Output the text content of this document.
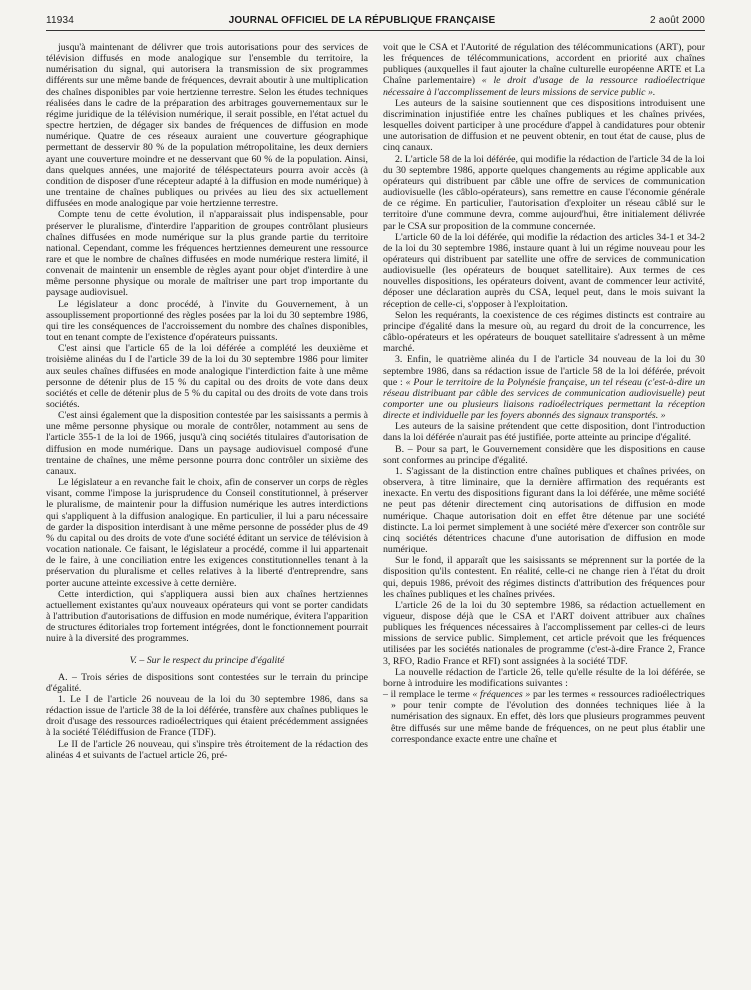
11934	JOURNAL OFFICIEL DE LA RÉPUBLIQUE FRANÇAISE	2 août 2000

jusqu'à maintenant de délivrer que trois autorisations pour des services de télévision diffusés en mode analogique sur l'ensemble du territoire, la numérisation du signal, qui autorisera la transmission de six programmes différents sur une même bande de fréquences, devrait aboutir à une multiplication des chaînes disponibles par voie hertzienne terrestre. Selon les études techniques réalisées dans le cadre de la préparation des arbitrages gouvernementaux sur le régime juridique de la télévision numérique, il serait possible, en l'état actuel du spectre hertzien, de dégager six bandes de fréquences de diffusion en mode numérique. Quatre de ces réseaux auraient une couverture géographique permettant de desservir 80 % de la population métropolitaine, les deux derniers ayant une couverture moindre et ne desservant que 60 % de la population. Ainsi, dans quelques années, une majorité de téléspectateurs pourra avoir accès (à condition de disposer d'une récepteur adapté à la diffusion en mode numérique) à une trentaine de chaînes publiques ou privées au lieu des six actuellement diffusées en mode analogique par voie hertzienne terrestre.

Compte tenu de cette évolution, il n'apparaissait plus indispensable, pour préserver le pluralisme, d'interdire l'apparition de groupes contrôlant plusieurs chaînes diffusées en mode numérique sur la plus grande partie du territoire national. Cependant, comme les fréquences hertziennes demeurent une ressource rare et que le nombre de chaînes diffusées en mode numérique restera limité, il convenait de maintenir un ensemble de règles ayant pour objet d'interdire à une même personne physique ou morale de maîtriser une part trop importante du paysage audiovisuel.

Le législateur a donc procédé, à l'invite du Gouvernement, à un assouplissement proportionné des règles posées par la loi du 30 septembre 1986, qui tire les conséquences de l'accroissement du nombre des chaînes disponibles, tout en tenant compte de l'existence d'opérateurs puissants.

C'est ainsi que l'article 65 de la loi déférée a complété les deuxième et troisième alinéas du I de l'article 39 de la loi du 30 septembre 1986 pour limiter aux seules chaînes diffusées en mode analogique l'interdiction faite à une même personne de détenir plus de 15 % du capital ou des droits de vote dans deux sociétés et celle de détenir plus de 5 % du capital ou des droits de vote dans trois sociétés.

C'est ainsi également que la disposition contestée par les saisissants a permis à une même personne physique ou morale de contrôler, notamment au sens de l'article 355-1 de la loi de 1966, jusqu'à cinq sociétés titulaires d'autorisation de diffusion en mode numérique. Dans un paysage audiovisuel composé d'une trentaine de chaînes, une même personne pourra donc contrôler un sixième des canaux.

Le législateur a en revanche fait le choix, afin de conserver un corps de règles visant, comme l'impose la jurisprudence du Conseil constitutionnel, à préserver le pluralisme, de maintenir pour la diffusion numérique les autres interdictions qui s'appliquent à la diffusion analogique. En particulier, il lui a paru nécessaire de garder la disposition interdisant à une même personne de posséder plus de 49 % du capital ou des droits de vote d'une société éditant un service de télévision à vocation nationale. Ce faisant, le législateur a procédé, comme il lui appartenait de le faire, à une conciliation entre les exigences constitutionnelles tenant à la préservation du pluralisme et celles relatives à la liberté d'entreprendre, sans porter aucune atteinte excessive à cette dernière.

Cette interdiction, qui s'appliquera aussi bien aux chaînes hertziennes actuellement existantes qu'aux nouveaux opérateurs qui vont se porter candidats à l'attribution d'autorisations de diffusion en mode numérique, évitera l'apparition de structures éditoriales trop fortement intégrées, dont le fonctionnement pourrait nuire à la diversité des programmes.

V. – Sur le respect du principe d'égalité

A. – Trois séries de dispositions sont contestées sur le terrain du principe d'égalité.

1. Le I de l'article 26 nouveau de la loi du 30 septembre 1986, dans sa rédaction issue de l'article 38 de la loi déférée, transfère aux chaînes publiques le droit d'usage des ressources radioélectriques qui étaient précédemment assignées à la société Télédiffusion de France (TDF).

Le II de l'article 26 nouveau, qui s'inspire très étroitement de la rédaction des alinéas 4 et suivants de l'actuel article 26, pré-

voit que le CSA et l'Autorité de régulation des télécommunications (ART), pour les fréquences de télécommunications, accordent en priorité aux chaînes publiques (auxquelles il faut ajouter la chaîne culturelle européenne ARTE et La Chaîne parlementaire) « le droit d'usage de la ressource radioélectrique nécessaire à l'accomplissement de leurs missions de service public ».

Les auteurs de la saisine soutiennent que ces dispositions introduisent une discrimination injustifiée entre les chaînes publiques et les chaînes privées, lesquelles doivent participer à une procédure d'appel à candidatures pour obtenir une autorisation de diffusion et ne peuvent obtenir, en tout état de cause, plus de cinq canaux.

2. L'article 58 de la loi déférée, qui modifie la rédaction de l'article 34 de la loi du 30 septembre 1986, apporte quelques changements au régime applicable aux opérateurs qui distribuent par câble une offre de services de communication audiovisuelle (les câblo-opérateurs), sans remettre en cause l'économie générale de ce régime. En particulier, l'autorisation d'exploiter un réseau câblé sur le territoire d'une commune devra, comme aujourd'hui, être initialement délivrée par le CSA sur proposition de la commune concernée.

L'article 60 de la loi déférée, qui modifie la rédaction des articles 34-1 et 34-2 de la loi du 30 septembre 1986, instaure quant à lui un régime nouveau pour les opérateurs qui distribuent par satellite une offre de services de communication audiovisuelle (les opérateurs de bouquet satellitaire). Aux termes de ces nouvelles dispositions, les opérateurs doivent, avant de commencer leur activité, déposer une déclaration auprès du CSA, lequel peut, dans le mois suivant la réception de celle-ci, s'opposer à l'exploitation.

Selon les requérants, la coexistence de ces régimes distincts est contraire au principe d'égalité dans la mesure où, au regard du droit de la concurrence, les câblo-opérateurs et les opérateurs de bouquet satellitaire s'adressent à un même marché.

3. Enfin, le quatrième alinéa du I de l'article 34 nouveau de la loi du 30 septembre 1986, dans sa rédaction issue de l'article 58 de la loi déférée, prévoit que : « Pour le territoire de la Polynésie française, un tel réseau (c'est-à-dire un réseau distribuant par câble des services de communication audiovisuelle) peut comporter une ou plusieurs liaisons radioélectriques permettant la réception directe et individuelle par les foyers abonnés des signaux transportés. »

Les auteurs de la saisine prétendent que cette disposition, dont l'introduction dans la loi déférée n'aurait pas été justifiée, porte atteinte au principe d'égalité.

B. – Pour sa part, le Gouvernement considère que les dispositions en cause sont conformes au principe d'égalité.

1. S'agissant de la distinction entre chaînes publiques et chaînes privées, on observera, à titre liminaire, que la dernière affirmation des requérants est inexacte. En vertu des dispositions figurant dans la loi déférée, une même société ne peut pas détenir directement cinq autorisations de diffusion en mode numérique. Chaque autorisation doit en effet être détenue par une société distincte. La loi permet simplement à une société mère d'exercer son contrôle sur cinq sociétés détentrices chacune d'une autorisation de diffusion en mode numérique.

Sur le fond, il apparaît que les saisissants se méprennent sur la portée de la disposition qu'ils contestent. En réalité, celle-ci ne change rien à l'état du droit qui, depuis 1986, prévoit des régimes distincts d'attribution des fréquences pour les chaînes publiques et les chaînes privées.

L'article 26 de la loi du 30 septembre 1986, sa rédaction actuellement en vigueur, dispose déjà que le CSA et l'ART doivent attribuer aux chaînes publiques les fréquences nécessaires à l'accomplissement par celles-ci de leurs missions de service public. Simplement, cet article prévoit que les fréquences utilisées par les sociétés nationales de programme (c'est-à-dire France 2, France 3, RFO, Radio France et RFI) sont assignées à la société TDF.

La nouvelle rédaction de l'article 26, telle qu'elle résulte de la loi déférée, se borne à introduire les modifications suivantes :

– il remplace le terme « fréquences » par les termes « ressources radioélectriques » pour tenir compte de l'évolution des données techniques liée à la numérisation des signaux. En effet, dès lors que plusieurs programmes peuvent être diffusés sur une même bande de fréquences, on ne peut plus établir une correspondance exacte entre une chaîne et
